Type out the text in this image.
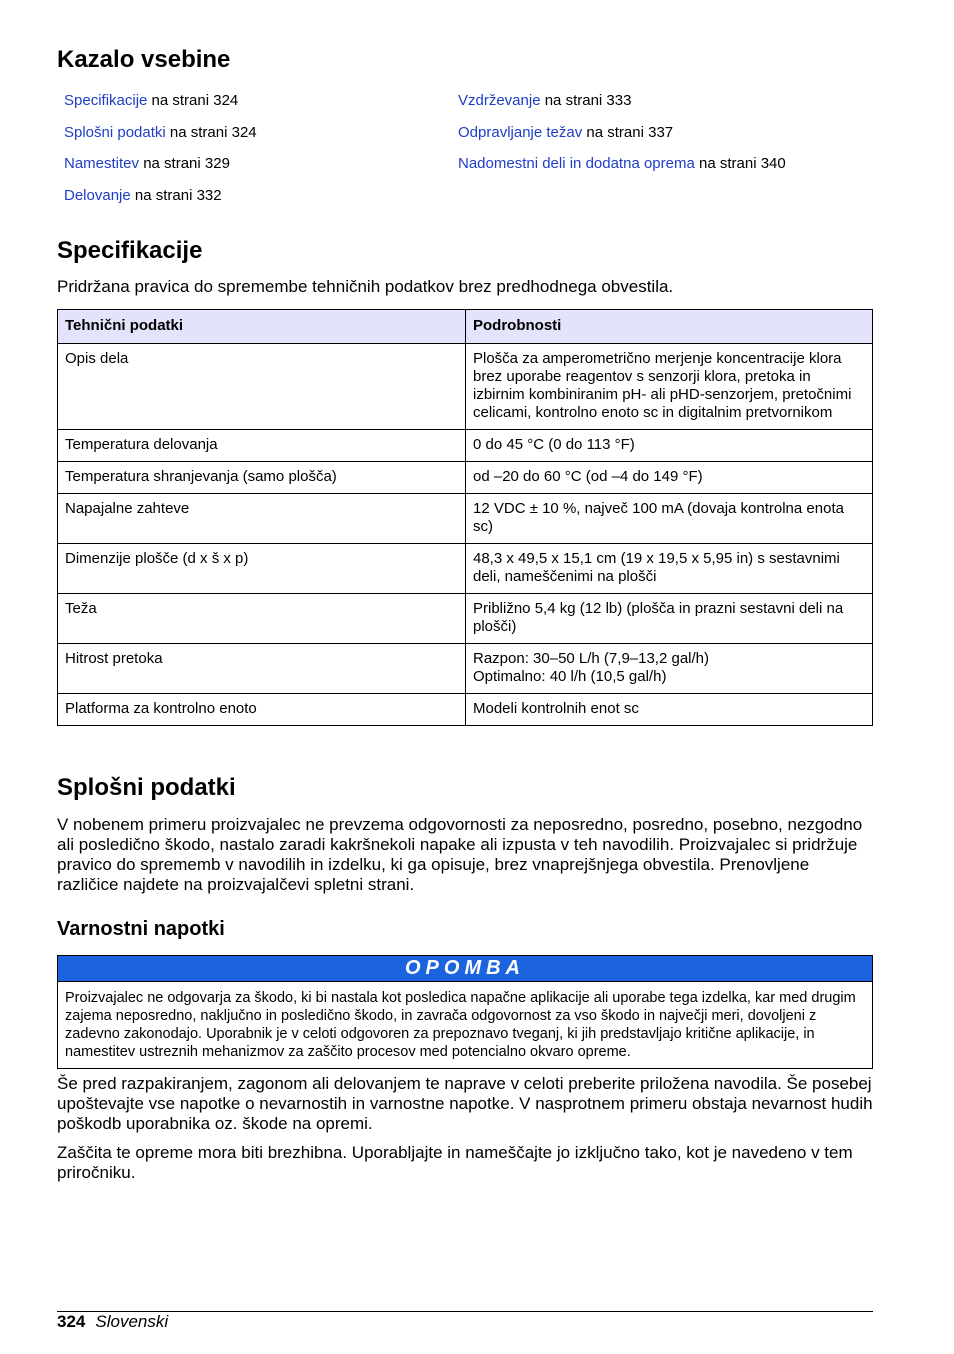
Kazalo vsebine
Specifikacije na strani 324
Splošni podatki na strani 324
Namestitev na strani 329
Delovanje na strani 332
Vzdrževanje na strani 333
Odpravljanje težav na strani 337
Nadomestni deli in dodatna oprema na strani 340
Specifikacije

Pridržana pravica do spremembe tehničnih podatkov brez predhodnega obvestila.

Tehnični podatki	Podrobnosti
Opis dela	Plošča za amperometrično merjenje koncentracije klora brez uporabe reagentov s senzorji klora, pretoka in izbirnim kombiniranim pH- ali pHD-senzorjem, pretočnimi celicami, kontrolno enoto sc in digitalnim pretvornikom
Temperatura delovanja	0 do 45 °C (0 do 113 °F)
Temperatura shranjevanja (samo plošča)	od –20 do 60 °C (od –4 do 149 °F)
Napajalne zahteve	12 VDC ± 10 %, največ 100 mA (dovaja kontrolna enota sc)
Dimenzije plošče (d x š x p)	48,3 x 49,5 x 15,1 cm (19 x 19,5 x 5,95 in) s sestavnimi deli, nameščenimi na plošči
Teža	Približno 5,4 kg (12 lb) (plošča in prazni sestavni deli na plošči)
Hitrost pretoka	Razpon: 30–50 L/h (7,9–13,2 gal/h)
Optimalno: 40 l/h (10,5 gal/h)
Platforma za kontrolno enoto	Modeli kontrolnih enot sc
Splošni podatki

V nobenem primeru proizvajalec ne prevzema odgovornosti za neposredno, posredno, posebno, nezgodno ali posledično škodo, nastalo zaradi kakršnekoli napake ali izpusta v teh navodilih. Proizvajalec si pridržuje pravico do sprememb v navodilih in izdelku, ki ga opisuje, brez vnaprejšnjega obvestila. Prenovljene različice najdete na proizvajalčevi spletni strani.

Varnostni napotki
OPOMBA
Proizvajalec ne odgovarja za škodo, ki bi nastala kot posledica napačne aplikacije ali uporabe tega izdelka, kar med drugim zajema neposredno, naključno in posledično škodo, in zavrača odgovornost za vso škodo in največji meri, dovoljeni z zadevno zakonodajo. Uporabnik je v celoti odgovoren za prepoznavo tveganj, ki jih predstavljajo kritične aplikacije, in namestitev ustreznih mehanizmov za zaščito procesov med potencialno okvaro opreme.

Še pred razpakiranjem, zagonom ali delovanjem te naprave v celoti preberite priložena navodila. Še posebej upoštevajte vse napotke o nevarnostih in varnostne napotke. V nasprotnem primeru obstaja nevarnost hudih poškodb uporabnika oz. škode na opremi.

Zaščita te opreme mora biti brezhibna. Uporabljajte in nameščajte jo izključno tako, kot je navedeno v tem priročniku.

324 Slovenski
